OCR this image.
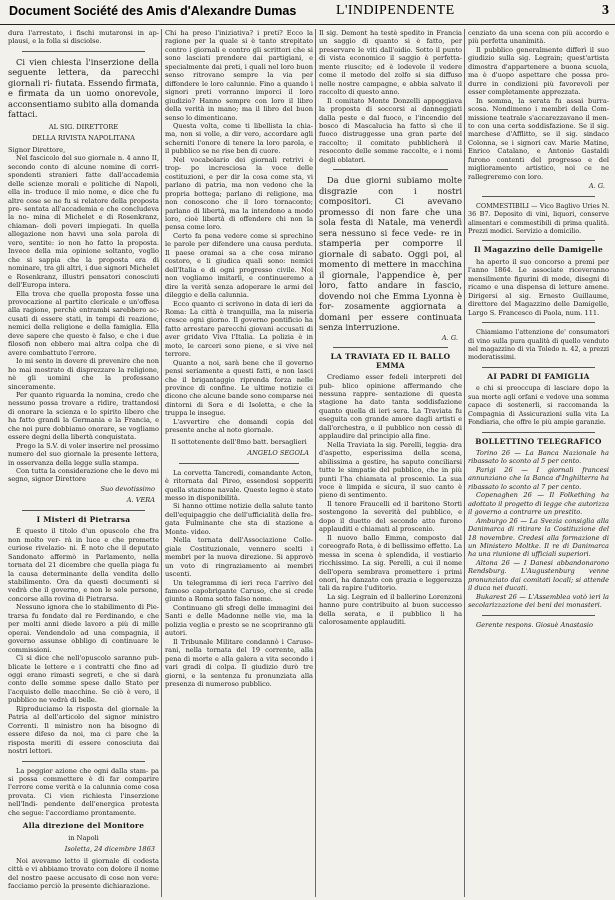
Document Société des Amis d'Alexandre Dumas	L'INDIPENDENTE	3

dura l'arrestato, i fischi mutaronsi in ap- plausi, e la folla si disciolse.

Ci vien chiesta l'inserzione della seguente lettera, da parecchi giornali ri- fiutata. Essendo firmata, e firmata da un uomo onorevole, acconsentiamo subito alla domanda fattaci.

AL SIG. DIRETTORE

DELLA RIVISTA NAPOLITANA

Signor Direttore,

Nel fascicolo del suo giornale n. 4 anno II, secondo conto di alcune nomine di corri- spondenti stranieri fatte dall'accademia delle scienze morali e politiche di Napoli, ella in- troduce il mio nome, e dice che fu altre cose se ne fu si relatore della proposta pre- sentata all'accademia e che concludeva la no- mina di Michelet e di Rosenkranz, chiaman- doli poveri impiegati. In quella allegazione non havvi una sola parola di vero, sentite: io non ho fatto la proposta. Invece della mia opinione soltanto, voglio che si sappia che la proposta era di nominare, tra gli altri, i due signori Michelet e Rosenkranz, illustri pensatori conosciuti dell'Europa intera.

Ella trova che quella proposta fosse una provocazione al partito clericale e un'offesa alla ragione, perchè entrambi sarebbero ac- cusati di essere stati, in tempi di reazione, nemici della religione e della famiglia. Ella deve sapere che questo è falso, e che i due filosofi non ebbero mai altra colpa che di avere combattuto l'errore.

Io mi sento in dovere di prevenire che non ho mai mostrato di disprezzare la religione, nè gli uomini che la professano sinceramente.

Per quanto riguarda la nomina, credo che nessuno possa trovare a ridire, trattandosi di onorare la scienza e lo spirito libero che ha fatto grandi la Germania e la Francia, e che noi pure dobbiamo onorare, se vogliamo essere degni della libertà conquistata.

Prego la S.V. di voler inserire nel prossimo numero del suo giornale la presente lettera, in osservanza della legge sulla stampa.

Con tutta la considerazione che le devo mi segno, signor Direttore

Suo devotissimo

A. VERA

I Misteri di Pietrarsa

È questo il titolo d'un opuscolo che fra non molto ver- rà in luce e che promette curiose rivelazio- ni. È noto che il deputato Sandonato affermò in Parlamento, nella tornata del 21 dicembre che quella piaga fu la causa determinante della vendita dello stabilimento. Ora da questi documenti si vedrà che il governo, e non le sole persone, concorse alla rovina di Pietrarsa.

Nessuno ignora che lo stabilimento di Pie- trarsa fu fondato dal re Ferdinando, e che per molti anni diede lavoro a più di mille operai. Vendendolo ad una compagnia, il governo assunse obbligo di continuare le commissioni.

Ci si dice che nell'opuscolo saranno pub- blicate le lettere e i contratti che fino ad oggi erano rimasti segreti, e che si darà conto delle somme spese dallo Stato per l'acquisto delle macchine. Se ciò è vero, il pubblico ne vedrà di belle.

Riproduciamo la risposta del giornale la Patria al dell'articolo del signor ministro Correnti. Il ministro non ha bisogno di essere difeso da noi, ma ci pare che la risposta meriti di essere conosciuta dai nostri lettori.

La peggior azione che ogni dalla stam- pa si possa commettere è di far comparire l'errore come verità e la calunnia come cosa provata. Ci vien richiesta l'inserzione nell'Indi- pendente dell'energica protesta che segue: l'accordiamo prontamente.

Alla direzione del Monitore

in Napoli

Isoletta, 24 dicembre 1863

Noi avevamo letto il giornale di codesta città e vi abbiamo trovato con dolore il nome del nostro paese accusato di cose non vere: facciamo perciò la presente dichiarazione.

Chi ha preso l'iniziativa? i preti? Ecco la ragione per la quale si è tanto strepitato contro i giornali e contro gli scrittori che si sono lasciati prendere dai partigiani, e specialmente dai preti, i quali nel loro buon senso ritrovano sempre la via per diffondere le loro calunnie. Fino a quando i signori preti vorranno imporci il loro giudizio? Hanno sempre con loro il libro della verità in mano; ma il libro del buon senso lo dimenticano.

Questa volta, come ti libellista la chia- ma, non si volle, a dir vero, accordare agli scherniti l'onore di tenere la loro parola, e il pubblico se ne rise ben di cuore.

Nel vocabolario dei giornali retrivi è trop- po incresciosa la voce delle costituzioni, e per dir la cosa come sta, vi parlano di patria, ma non vedono che la propria bottega; parlano di religione, ma non conoscono che il loro tornaconto; parlano di libertà, ma la intendono a modo loro, cioè libertà di offendere chi non la pensa come loro.

Certo fa pena vedere come si sprechino le parole per difendere una causa perduta. Il paese oramai sa a che cosa mirano costoro, e li giudica quali sono: nemici dell'Italia e di ogni progresso civile. Noi non vogliamo imitarli, e continueremo a dire la verità senza adoperare le armi del dileggio e della calunnia.

Ecco quanto ci scrivono in data di ieri da Roma: La città è tranquilla, ma la miseria cresce ogni giorno. Il governo pontificio ha fatto arrestare parecchi giovani accusati di aver gridato Viva l'Italia. La polizia è in moto, le carceri sono piene, e si vive nel terrore.

Quanto a noi, sarà bene che il governo pensi seriamente a questi fatti, e non lasci che il brigantaggio riprenda forza nelle province di confine. Le ultime notizie ci dicono che alcune bande sono comparse nei dintorni di Sora e di Isoletta, e che la truppa le insegue.

L'avvertire che domandi copia del presente anche al noto giornale.

Il sottotenente dell'8mo batt. bersaglieri

ANGELO SEGOLA

La corvetta Tancredi, comandante Acton, è ritornata dal Pireo, essendosi sopperiti quella stazione navale. Questo legno è stato messo in disponibilità.

Si hanno ottime notizie della salute tanto dell'equipaggio che dell'ufficialità della fre- gata Fulminante che sta di stazione a Monte- video.

Nella tornata dell'Associazione Colle- giale Costituzionale, vennero scelti i membri per la nuova direzione. Si approvò un voto di ringraziamento ai membri uscenti.

Un telegramma di ieri reca l'arrivo del famoso capobrigante Caruso, che si crede giunto a Roma sotto falso nome.

Continuano gli sfregi delle immagini dei Santi e delle Madonne nelle vie, ma la polizia veglia e presto se ne scopriranno gli autori.

Il Tribunale Militare condannò i Caruso- rani, nella tornata del 19 corrente, alla pena di morte e alla galera a vita secondo i vari gradi di colpa. Il giudizio durò tre giorni, e la sentenza fu pronunziata alla presenza di numeroso pubblico.

Il sig. Demont ha testè spedito in Francia un saggio di quanto si è fatto, per preservare le viti dall'oidio. Sotto il punto di vista economico il saggio è perfetta- mente riuscito; ed è lodevole il vedere come il metodo del zolfo si sia diffuso nelle nostre campagne, e abbia salvato il raccolto di questo anno.

Il comitato Monte Donzelli appoggiava la proposta di soccorsi ai danneggiati dalla peste e dal fuoco, e l'incendio del bosco di Mascalucia ha fatto sì che il fuoco distruggesse una gran parte del raccolto; il comitato pubblicherà il resoconto delle somme raccolte, e i nomi degli oblatori.

Da due giorni subiamo molte disgrazie con i nostri compositori. Ci avevano promesso di non fare che una sola festa di Natale, ma venerdì sera nessuno si fece vede- re in stamperia per comporre il giornale di sabato. Oggi poi, al momento di mettere in macchina il giornale, l'appendice è, per loro, fatto andare in fascio, dovendo noi che Emma Lyonna è for- zosamente aggiornata a domani per essere continuata senza interruzione.

A. G.

LA TRAVIATA ED IL BALLO EMMA

Crediamo esser fedeli interpreti del pub- blico opinione affermando che nessuna rappre- sentazione di questa stagione ha dato tanta soddisfazione quanto quella di ieri sera. La Traviata fu eseguita con grande amore dagli artisti e dall'orchestra, e il pubblico non cessò di applaudire dal principio alla fine.

Nella Traviata la sig. Perelli, leggia- dra d'aspetto, esperissima della scena, abilissima a gestire, ha saputo conciliarsi tutte le simpatie del pubblico, che in più punti l'ha chiamata al proscenio. La sua voce è limpida e sicura, il suo canto è pieno di sentimento.

Il tenore Fraucelli ed il baritono Storti sostengono la severità del pubblico, e dopo il duetto del secondo atto furono applauditi e chiamati al proscenio.

Il nuovo ballo Emma, composto dal coreografo Rota, è di bellissimo effetto. La messa in scena è splendida, il vestiario ricchissimo. La sig. Perelli, a cui il nome dell'opera sembrava promettere i primi onori, ha danzato con grazia e leggerezza tali da rapire l'uditorio.

La sig. Legrain ed il ballerino Lorenzoni hanno pure contribuito al buon successo della serata, e il pubblico li ha calorosamente applauditi.

cenziato da una scena con più accordo e più perfetta unanimità.

Il pubblico generalmente differì il suo giudizio sulla sig. Legrain; quest'artista dimostra d'appartenere a buona scuola, ma è d'uopo aspettare che possa pro- durre in condizioni più favorevoli per esser completamente apprezzata.

In somma, la serata fu assai burra- scosa. Nondimeno i membri della Com- missione teatrale s'accarezzavano il men- to con una certa soddisfazione. Se il sig. marchese d'Afflitto, se il sig. sindaco Colonna, se i signori cav. Marie Matine, Enrico Catalano, e Antonio Gastaldi furono contenti del progresso e del miglioramento artistico, noi ce ne rallegreremo con loro.

A. G.

COMMESTIBILI — Vico Baglivo Uries N. 36 B7. Deposito di vini, liquori, conserve alimentari e commestibili di prima qualità. Prezzi modici. Servizio a domicilio.

Il Magazzino delle Damigelle

ha aperto il suo concorso a premi per l'anno 1864. Le associate riceveranno mensilmente figurini di mode, disegni di ricamo e una dispensa di letture amene. Dirigersi al sig. Ernesto Guillaume, direttore del Magazzino delle Damigelle, Largo S. Francesco di Paola, num. 111.

Chiamiamo l'attenzione de' consumatori di vino sulla pura qualità di quello venduto nel magazzino di via Toledo n. 42, a prezzi moderatissimi.

AI PADRI DI FAMIGLIA

e chi si preoccupa di lasciare dopo la sua morte agli orfani e vedove una somma capace di sostenerli, si raccomanda la Compagnia di Assicurazioni sulla vita La Fondiaria, che offre le più ampie garanzie.

BOLLETTINO TELEGRAFICO

Torino 26 — La Banca Nazionale ha ribassato lo sconto al 5 per cento.

Parigi 26 — I giornali francesi annunziano che la Banca d'Inghilterra ha ribassato lo sconto al 7 per cento.

Copenaghen 26 — Il Folkething ha adottato il progetto di legge che autorizza il governo a contrarre un prestito.

Amburgo 26 — La Svezia consiglia alla Danimarca di ritirare la Costituzione del 18 novembre. Credesi alla formazione di un Ministero Moltke. Il re di Danimarca ha una riunione di ufficiali superiori.

Altona 26 — I Danesi abbandonarono Rendsburg. L'Augustenburg venne pronunziato dai comitati locali; si attende il duca nei ducati.

Bukarest 26 — L'Assemblea votò ieri la secolarizzazione dei beni dei monasteri.

Gerente respons. Giosuè Anastasio
